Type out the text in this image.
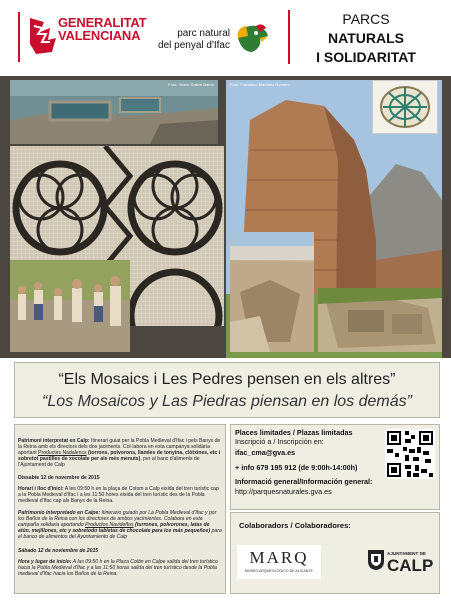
GENERALITAT
VALENCIANA	parc natural
del penyal d'Ifac
PARCS
NATURALS
I SOLIDARITAT
Foto: Vicent Sastre Barrio	Foto: Francisco Martínez Romero
“Els Mosaics i Les Pedres pensen en els altres”
“Los Mosaicos y Las Piedras piensan en los demás”

Patrimoni interpretat en Calp: Itinerari guiat per la Pobla Medieval d'Ifac i pels Banys de la Reina amb els directors dels dos jaciments. Col·labora en esta campanya solidària aportant Productes Nadalencs (torrons, polvorons, llandes de tonyina, clòtxines, etc i sobretot pastilles de xocolate per als més menuts), per al banc d'aliments de l'Ajuntament de Calp

Dissabte 12 de novembre de 2015

Horari i lloc d'inici: A les 09:50 h en la plaça de Colom a Calp eixida del tren turístic cap a la Pobla Medieval d'Ifac i a les 11:50 hores eixida del tren turístic des de la Pobla medieval d'Ifac cap als Banys de la Reina.

Patrimonio interpretado en Calpe: Itinerario guiado por La Pobla Medieval d'Ifac y por los Baños de la Reina con los directores de ambos yacimientos. Colabora en esta campaña solidaria aportando Productos Navideños (turrones, polvorones, latas de atún, mejillones, etc y sobretodo tabletas de chocolate para los más pequeños) para el banco de alimentos del Ayuntamiento de Calp

Sábado 12 de noviembre de 2015

Hora y lugar de inicio: A las 09:50 h en la Plaza Colón en Calpe salida del tren turístico hacia la Pobla Medieval d'Ifac y a las 11:50 horas salida del tren turístico desde la Pobla medieval d'Ifac hacia los Baños de la Reina.

Places limitades / Plazas limitadas
Inscripció a / Inscripción en:
ifac_cma@gva.es
+ info 679 195 912 (de 9:00h-14:00h)
Informació general/Información general:
http://parquesnaturales.gva.es
Colaboradors / Colaboradores:
MARQ
MUSEO ARQUEOLÓGICO DE ALICANTE
AJUNTAMENT DE
CALP
